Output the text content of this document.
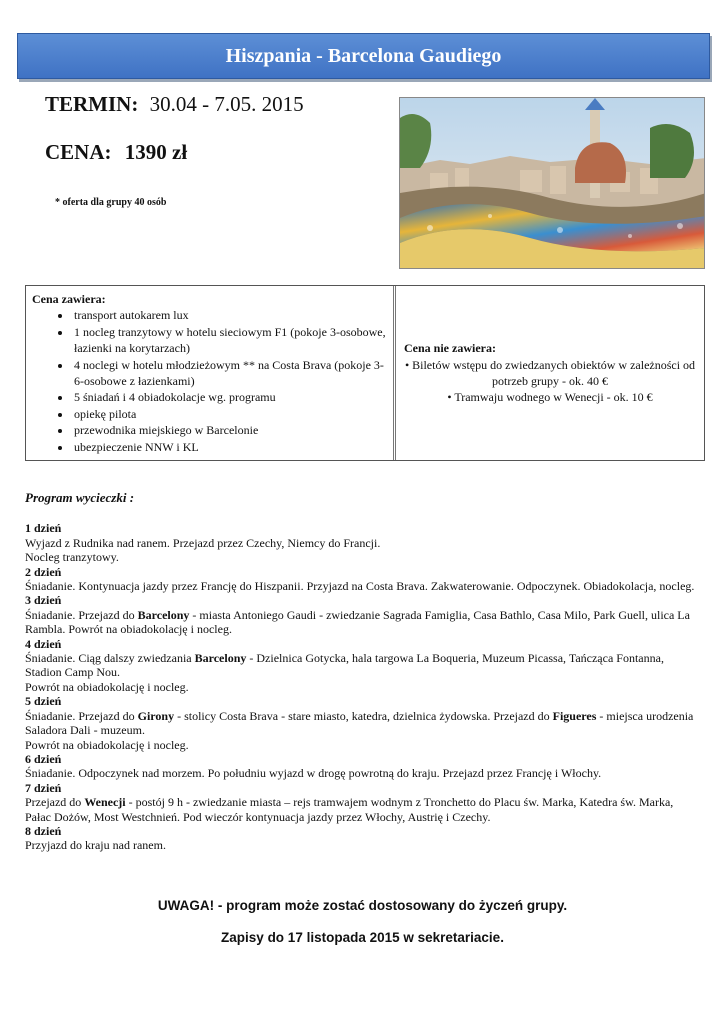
Hiszpania - Barcelona Gaudiego
TERMIN: 30.04 - 7.05. 2015
CENA: 1390 zł
* oferta dla grupy 40 osób
Cena zawiera:
• transport autokarem lux
• 1 nocleg tranzytowy w hotelu sieciowym F1 (pokoje 3-osobowe, łazienki na korytarzach)
• 4 noclegi w hotelu młodzieżowym ** na Costa Brava (pokoje 3-6-osobowe z łazienkami)
• 5 śniadań i 4 obiadokolacje wg. programu
• opiekę pilota
• przewodnika miejskiego w Barcelonie
• ubezpieczenie NNW i KL
Cena nie zawiera:
• Biletów wstępu do zwiedzanych obiektów w zależności od potrzeb grupy - ok. 40 €
• Tramwaju wodnego w Wenecji - ok. 10 €
Program wycieczki :
1 dzień
Wyjazd z Rudnika nad ranem. Przejazd przez Czechy, Niemcy do Francji.
Nocleg tranzytowy.
2 dzień
Śniadanie. Kontynuacja jazdy przez Francję do Hiszpanii. Przyjazd na Costa Brava. Zakwaterowanie. Odpoczynek. Obiadokolacja, nocleg.
3 dzień
Śniadanie. Przejazd do Barcelony - miasta Antoniego Gaudi - zwiedzanie Sagrada Famiglia, Casa Bathlo, Casa Milo, Park Guell, ulica La Rambla. Powrót na obiadokolację i nocleg.
4 dzień
Śniadanie. Ciąg dalszy zwiedzania Barcelony - Dzielnica Gotycka, hala targowa La Boqueria, Muzeum Picassa, Tańcząca Fontanna, Stadion Camp Nou.
Powrót na obiadokolację i nocleg.
5 dzień
Śniadanie. Przejazd do Girony - stolicy Costa Brava - stare miasto, katedra, dzielnica żydowska. Przejazd do Figueres - miejsca urodzenia Saladora Dali - muzeum.
Powrót na obiadokolację i nocleg.
6 dzień
Śniadanie. Odpoczynek nad morzem. Po południu wyjazd w drogę powrotną do kraju. Przejazd przez Francję i Włochy.
7 dzień
Przejazd do Wenecji - postój 9 h - zwiedzanie miasta – rejs tramwajem wodnym z Tronchetto do Placu św. Marka, Katedra św. Marka, Pałac Dożów, Most Westchnień. Pod wieczór kontynuacja jazdy przez Włochy, Austrię i Czechy.
8 dzień
Przyjazd do kraju nad ranem.
UWAGA! - program może zostać dostosowany do życzeń grupy.
Zapisy do 17 listopada 2015 w sekretariacie.
